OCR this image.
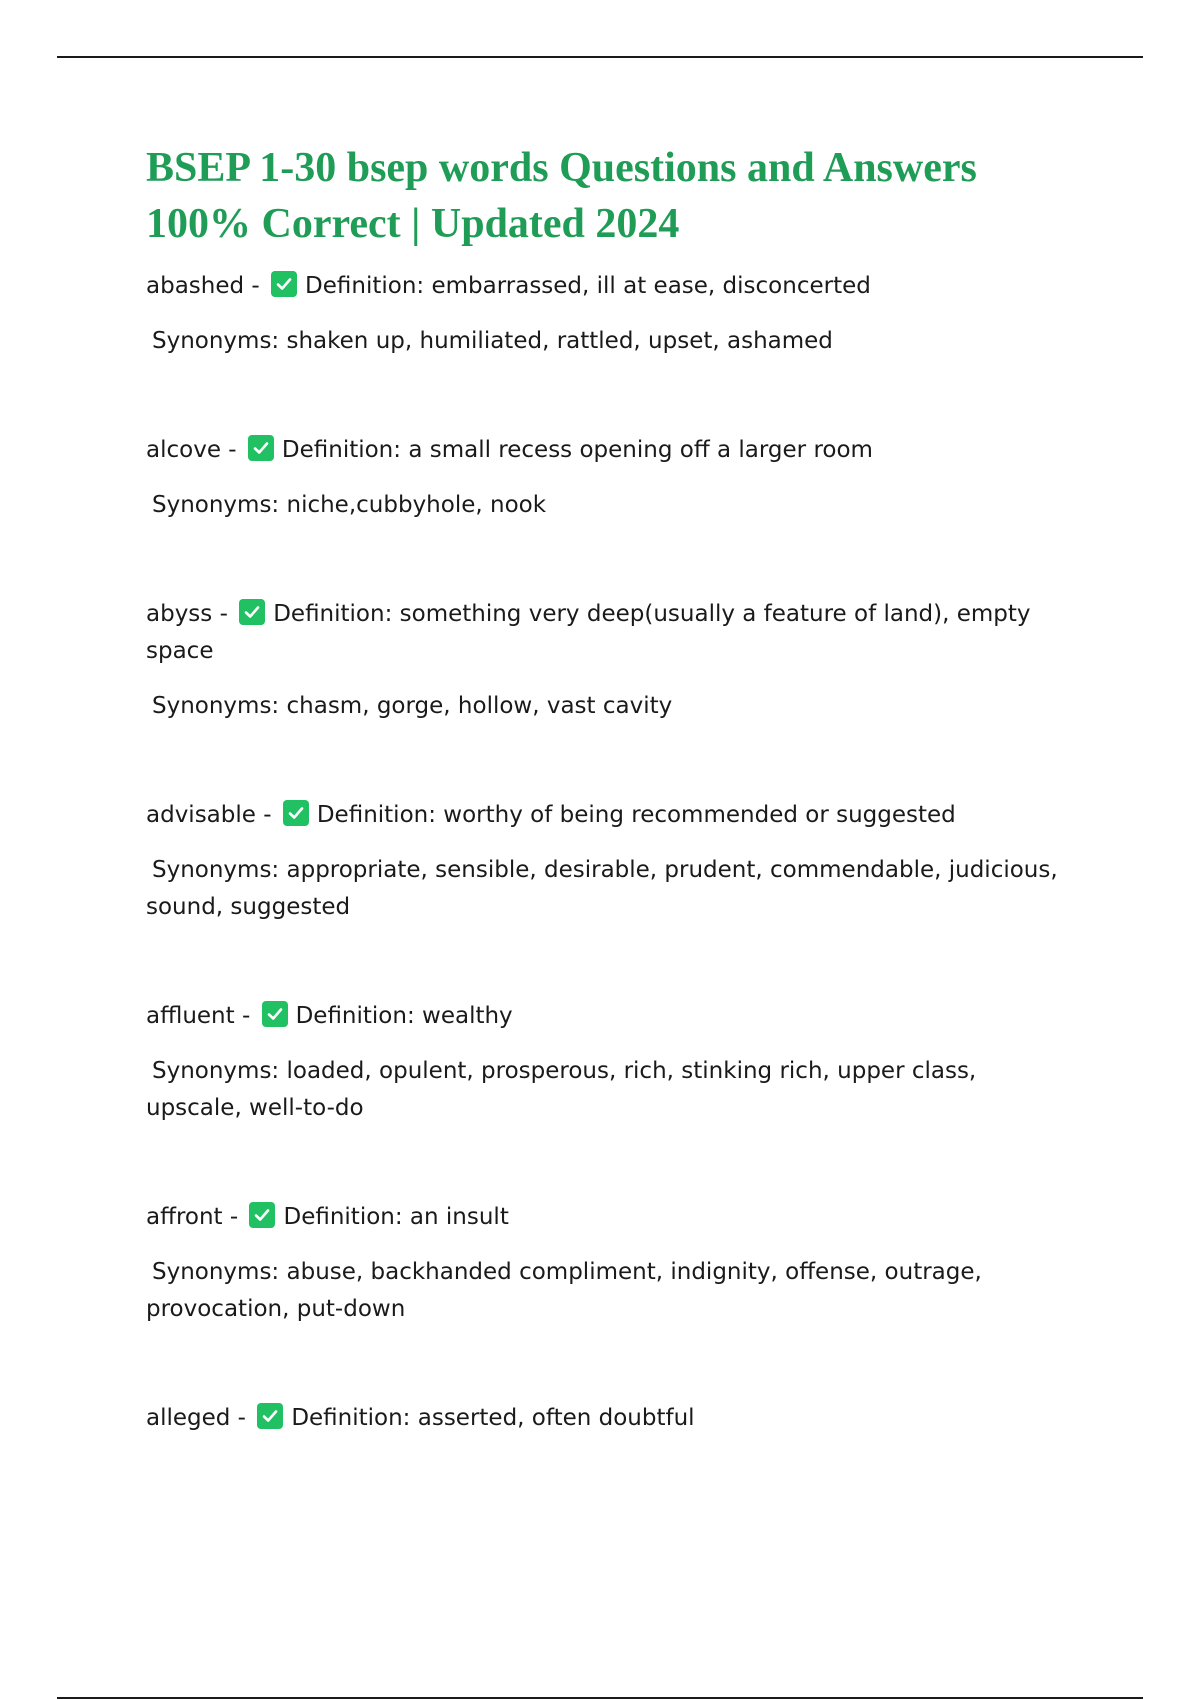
BSEP 1-30 bsep words Questions and Answers 100% Correct | Updated 2024

abashed - Definition: embarrassed, ill at ease, disconcerted

Synonyms: shaken up, humiliated, rattled, upset, ashamed

alcove - Definition: a small recess opening off a larger room

Synonyms: niche,cubbyhole, nook

abyss - Definition: something very deep(usually a feature of land), empty space

Synonyms: chasm, gorge, hollow, vast cavity

advisable - Definition: worthy of being recommended or suggested

Synonyms: appropriate, sensible, desirable, prudent, commendable, judicious, sound, suggested

affluent - Definition: wealthy

Synonyms: loaded, opulent, prosperous, rich, stinking rich, upper class, upscale, well-to-do

affront - Definition: an insult

Synonyms: abuse, backhanded compliment, indignity, offense, outrage, provocation, put-down

alleged - Definition: asserted, often doubtful
